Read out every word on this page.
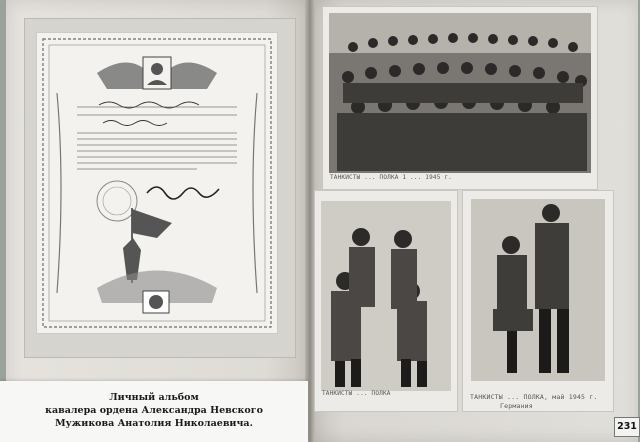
ТАНКИСТЫ ... ПОЛКА 1 ... 1945 г.
ТАНКИСТЫ ... ПОЛКА	ТАНКИСТЫ ... ПОЛКА, май 1945 г.
Германия
Личный альбом
кавалера ордена Александра Невского
Мужикова Анатолия Николаевича.	231
